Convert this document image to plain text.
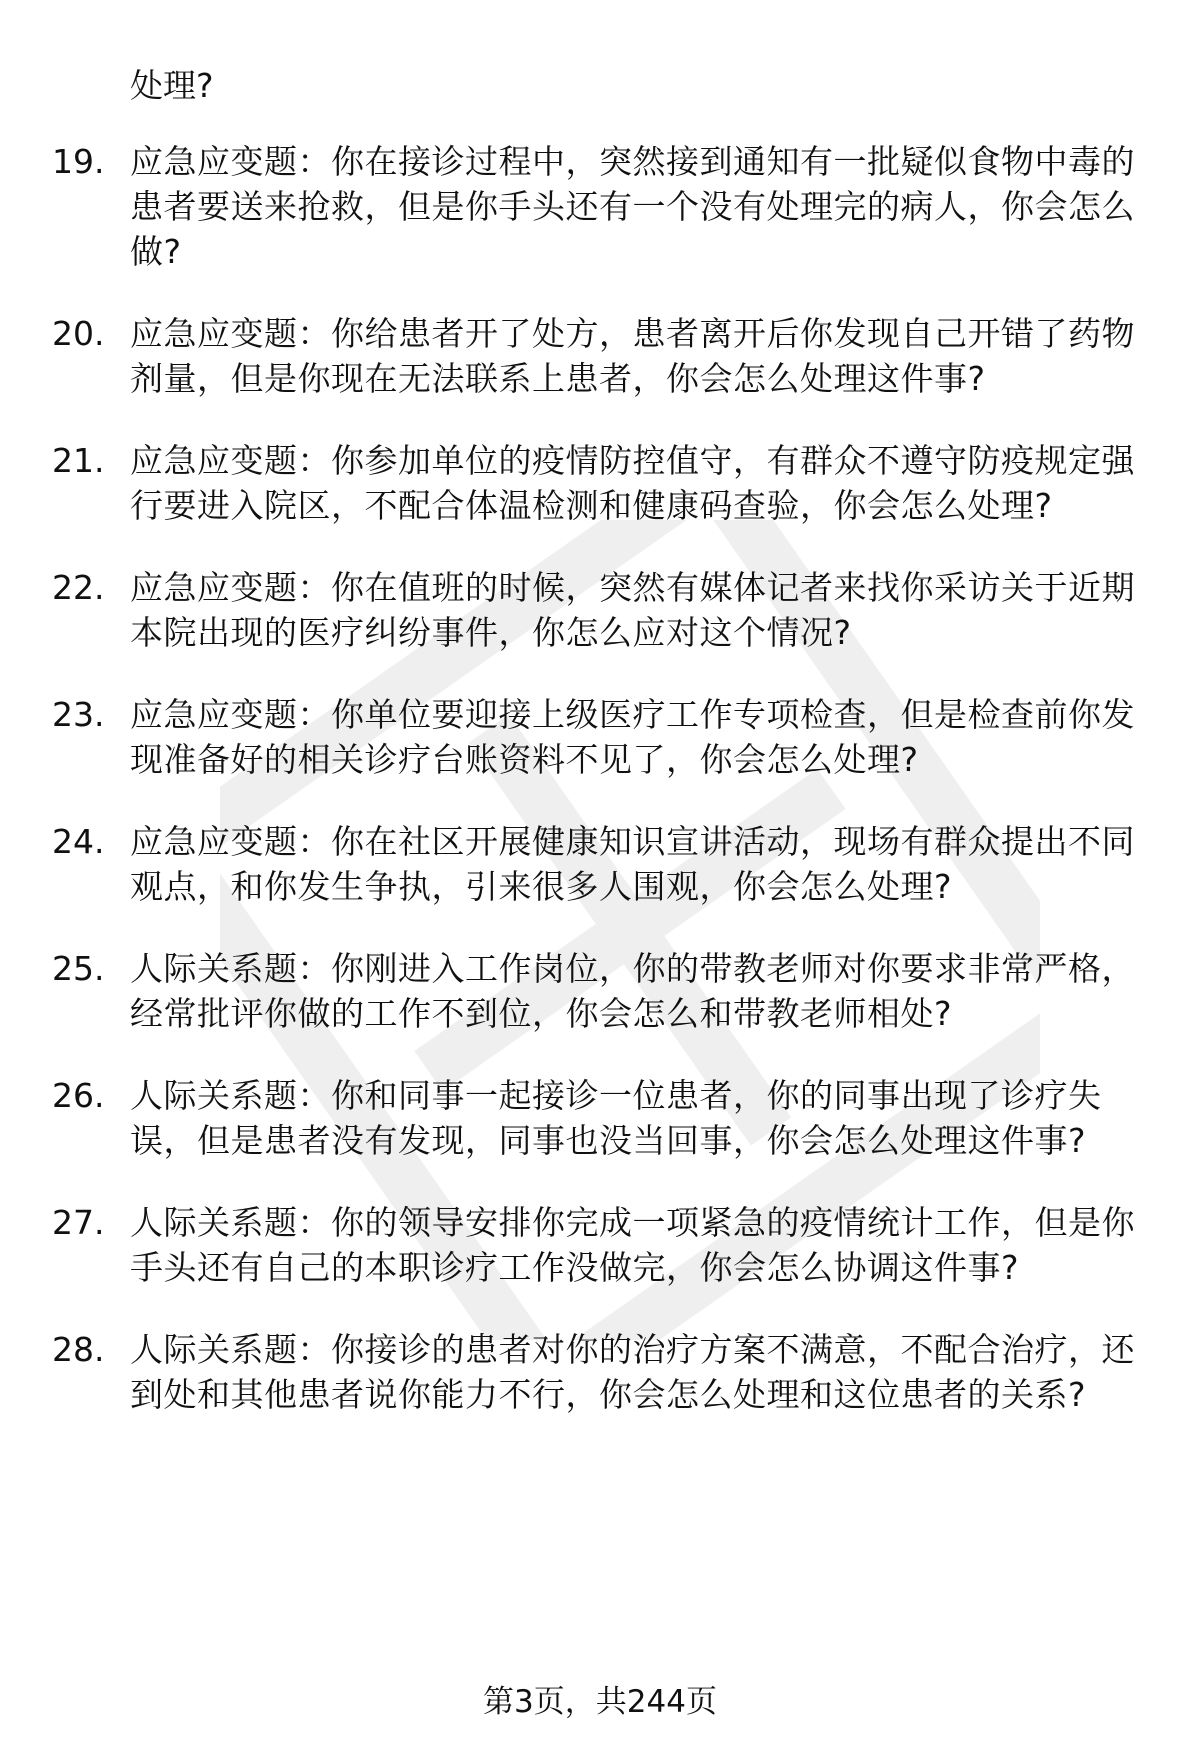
处理?

19. 应急应变题：你在接诊过程中，突然接到通知有一批疑似食物中毒的患者要送来抢救，但是你手头还有一个没有处理完的病人，你会怎么做?
20. 应急应变题：你给患者开了处方，患者离开后你发现自己开错了药物剂量，但是你现在无法联系上患者，你会怎么处理这件事?
21. 应急应变题：你参加单位的疫情防控值守，有群众不遵守防疫规定强行要进入院区，不配合体温检测和健康码查验，你会怎么处理?
22. 应急应变题：你在值班的时候，突然有媒体记者来找你采访关于近期本院出现的医疗纠纷事件，你怎么应对这个情况?
23. 应急应变题：你单位要迎接上级医疗工作专项检查，但是检查前你发现准备好的相关诊疗台账资料不见了，你会怎么处理?
24. 应急应变题：你在社区开展健康知识宣讲活动，现场有群众提出不同观点，和你发生争执，引来很多人围观，你会怎么处理?
25. 人际关系题：你刚进入工作岗位，你的带教老师对你要求非常严格，经常批评你做的工作不到位，你会怎么和带教老师相处?
26. 人际关系题：你和同事一起接诊一位患者，你的同事出现了诊疗失误，但是患者没有发现，同事也没当回事，你会怎么处理这件事?
27. 人际关系题：你的领导安排你完成一项紧急的疫情统计工作，但是你手头还有自己的本职诊疗工作没做完，你会怎么协调这件事?
28. 人际关系题：你接诊的患者对你的治疗方案不满意，不配合治疗，还到处和其他患者说你能力不行，你会怎么处理和这位患者的关系?
第3页，共244页
